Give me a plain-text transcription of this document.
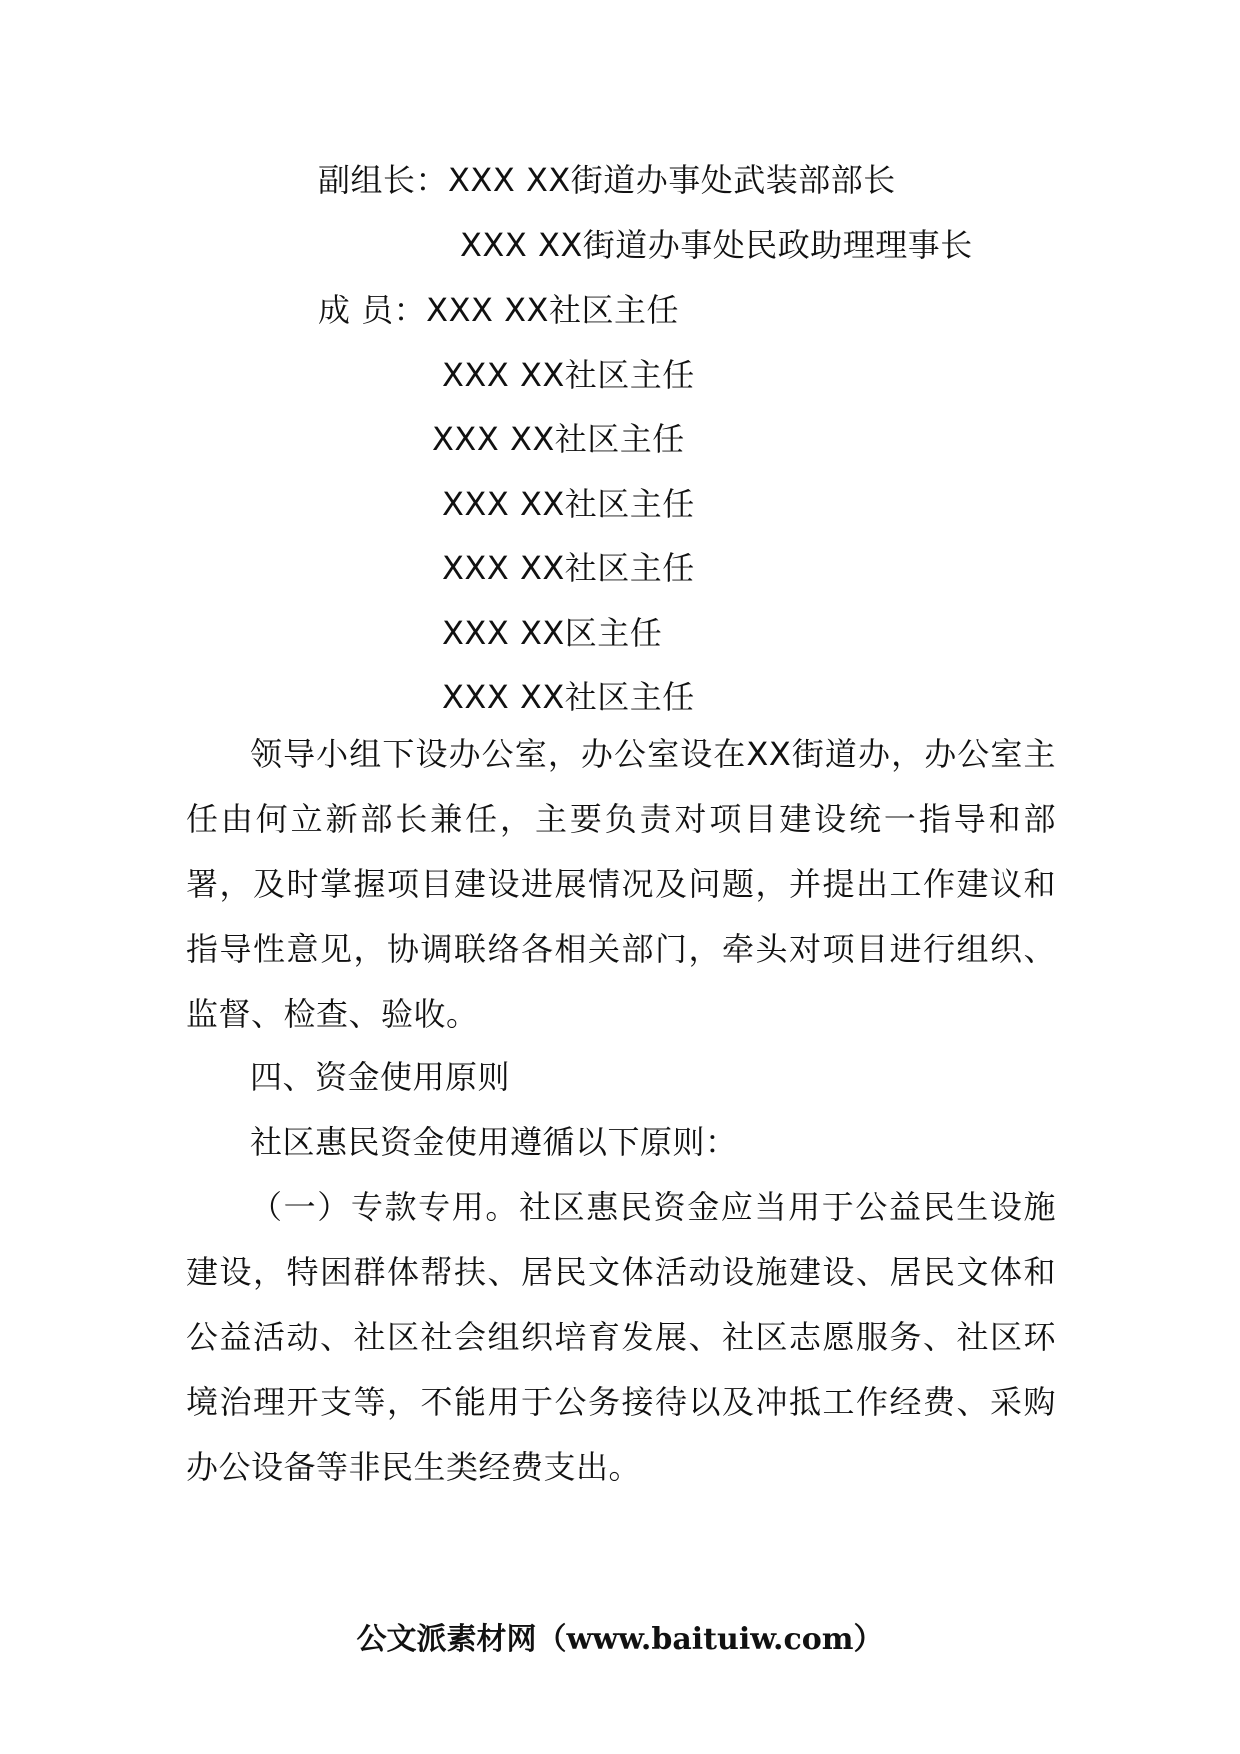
副组长：XXX XX街道办事处武装部部长
XXX XX街道办事处民政助理理事长
成 员：XXX XX社区主任
XXX XX社区主任
XXX XX社区主任
XXX XX社区主任
XXX XX社区主任
XXX XX区主任
XXX XX社区主任
领导小组下设办公室，办公室设在XX街道办，办公室主任由何立新部长兼任，主要负责对项目建设统一指导和部署，及时掌握项目建设进展情况及问题，并提出工作建议和指导性意见，协调联络各相关部门，牵头对项目进行组织、监督、检查、验收。
四、资金使用原则
社区惠民资金使用遵循以下原则：
（一）专款专用。社区惠民资金应当用于公益民生设施建设，特困群体帮扶、居民文体活动设施建设、居民文体和公益活动、社区社会组织培育发展、社区志愿服务、社区环境治理开支等，不能用于公务接待以及冲抵工作经费、采购办公设备等非民生类经费支出。
公文派素材网（www.baituiw.com）
